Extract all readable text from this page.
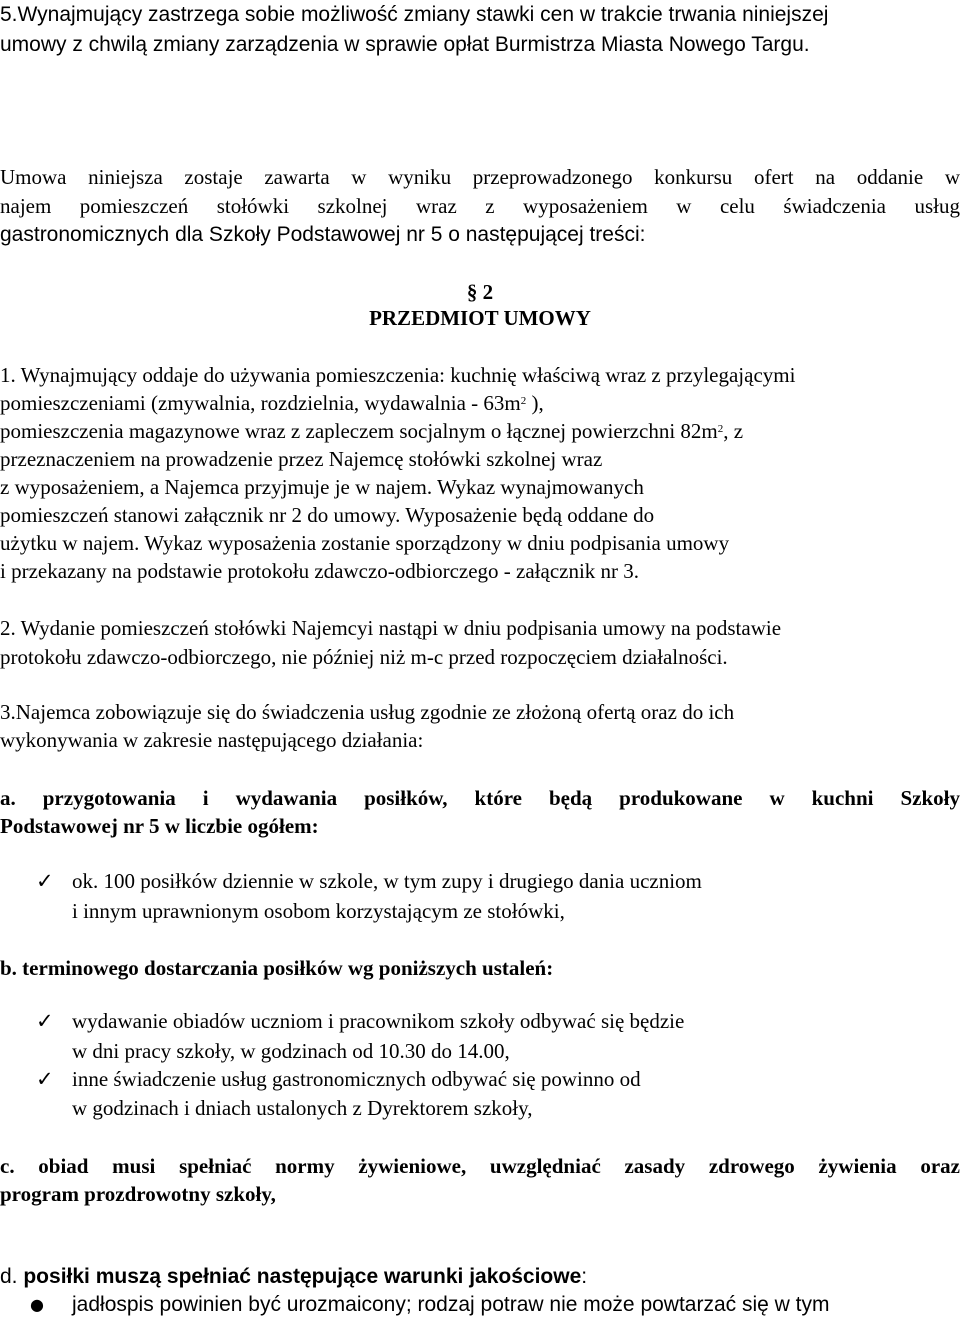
5.Wynajmujący zastrzega sobie możliwość zmiany stawki cen w trakcie trwania niniejszej
umowy z chwilą zmiany zarządzenia w sprawie opłat Burmistrza Miasta Nowego Targu.
Umowa niniejsza zostaje zawarta w wyniku przeprowadzonego konkursu ofert na oddanie w
najem pomieszczeń stołówki szkolnej wraz z wyposażeniem w celu świadczenia usług
gastronomicznych dla Szkoły Podstawowej nr 5 o następującej treści:
§ 2
PRZEDMIOT UMOWY
1. Wynajmujący oddaje do używania pomieszczenia: kuchnię właściwą wraz z przylegającymi
pomieszczeniami (zmywalnia, rozdzielnia, wydawalnia - $63m^2$ ),
pomieszczenia magazynowe wraz z zapleczem socjalnym o łącznej powierzchni $82m^2$, z
przeznaczeniem na prowadzenie przez Najemcę stołówki szkolnej wraz
z wyposażeniem, a Najemca przyjmuje je w najem. Wykaz wynajmowanych
pomieszczeń stanowi załącznik nr 2 do umowy. Wyposażenie będą oddane do
użytku w najem. Wykaz wyposażenia zostanie sporządzony w dniu podpisania umowy
i przekazany na podstawie protokołu zdawczo-odbiorczego - załącznik nr 3.
2. Wydanie pomieszczeń stołówki Najemcyi nastąpi w dniu podpisania umowy na podstawie
protokołu zdawczo-odbiorczego, nie później niż m-c przed rozpoczęciem działalności.
3.Najemca zobowiązuje się do świadczenia usług zgodnie ze złożoną ofertą oraz do ich
wykonywania w zakresie następującego działania:
a. przygotowania i wydawania posiłków, które będą produkowane w kuchni Szkoły
Podstawowej nr 5 w liczbie ogółem:
✓ ok. 100 posiłków dziennie w szkole, w tym zupy i drugiego dania uczniom
i innym uprawnionym osobom korzystającym ze stołówki,
b. terminowego dostarczania posiłków wg poniższych ustaleń:
✓ wydawanie obiadów uczniom i pracownikom szkoły odbywać się będzie
w dni pracy szkoły, w godzinach od 10.30 do 14.00,
✓ inne świadczenie usług gastronomicznych odbywać się powinno od
w godzinach i dniach ustalonych z Dyrektorem szkoły,
c. obiad musi spełniać normy żywieniowe, uwzględniać zasady zdrowego żywienia oraz
program prozdrowotny szkoły,
d. posiłki muszą spełniać następujące warunki jakościowe:
● jadłospis powinien być urozmaicony; rodzaj potraw nie może powtarzać się w tym
